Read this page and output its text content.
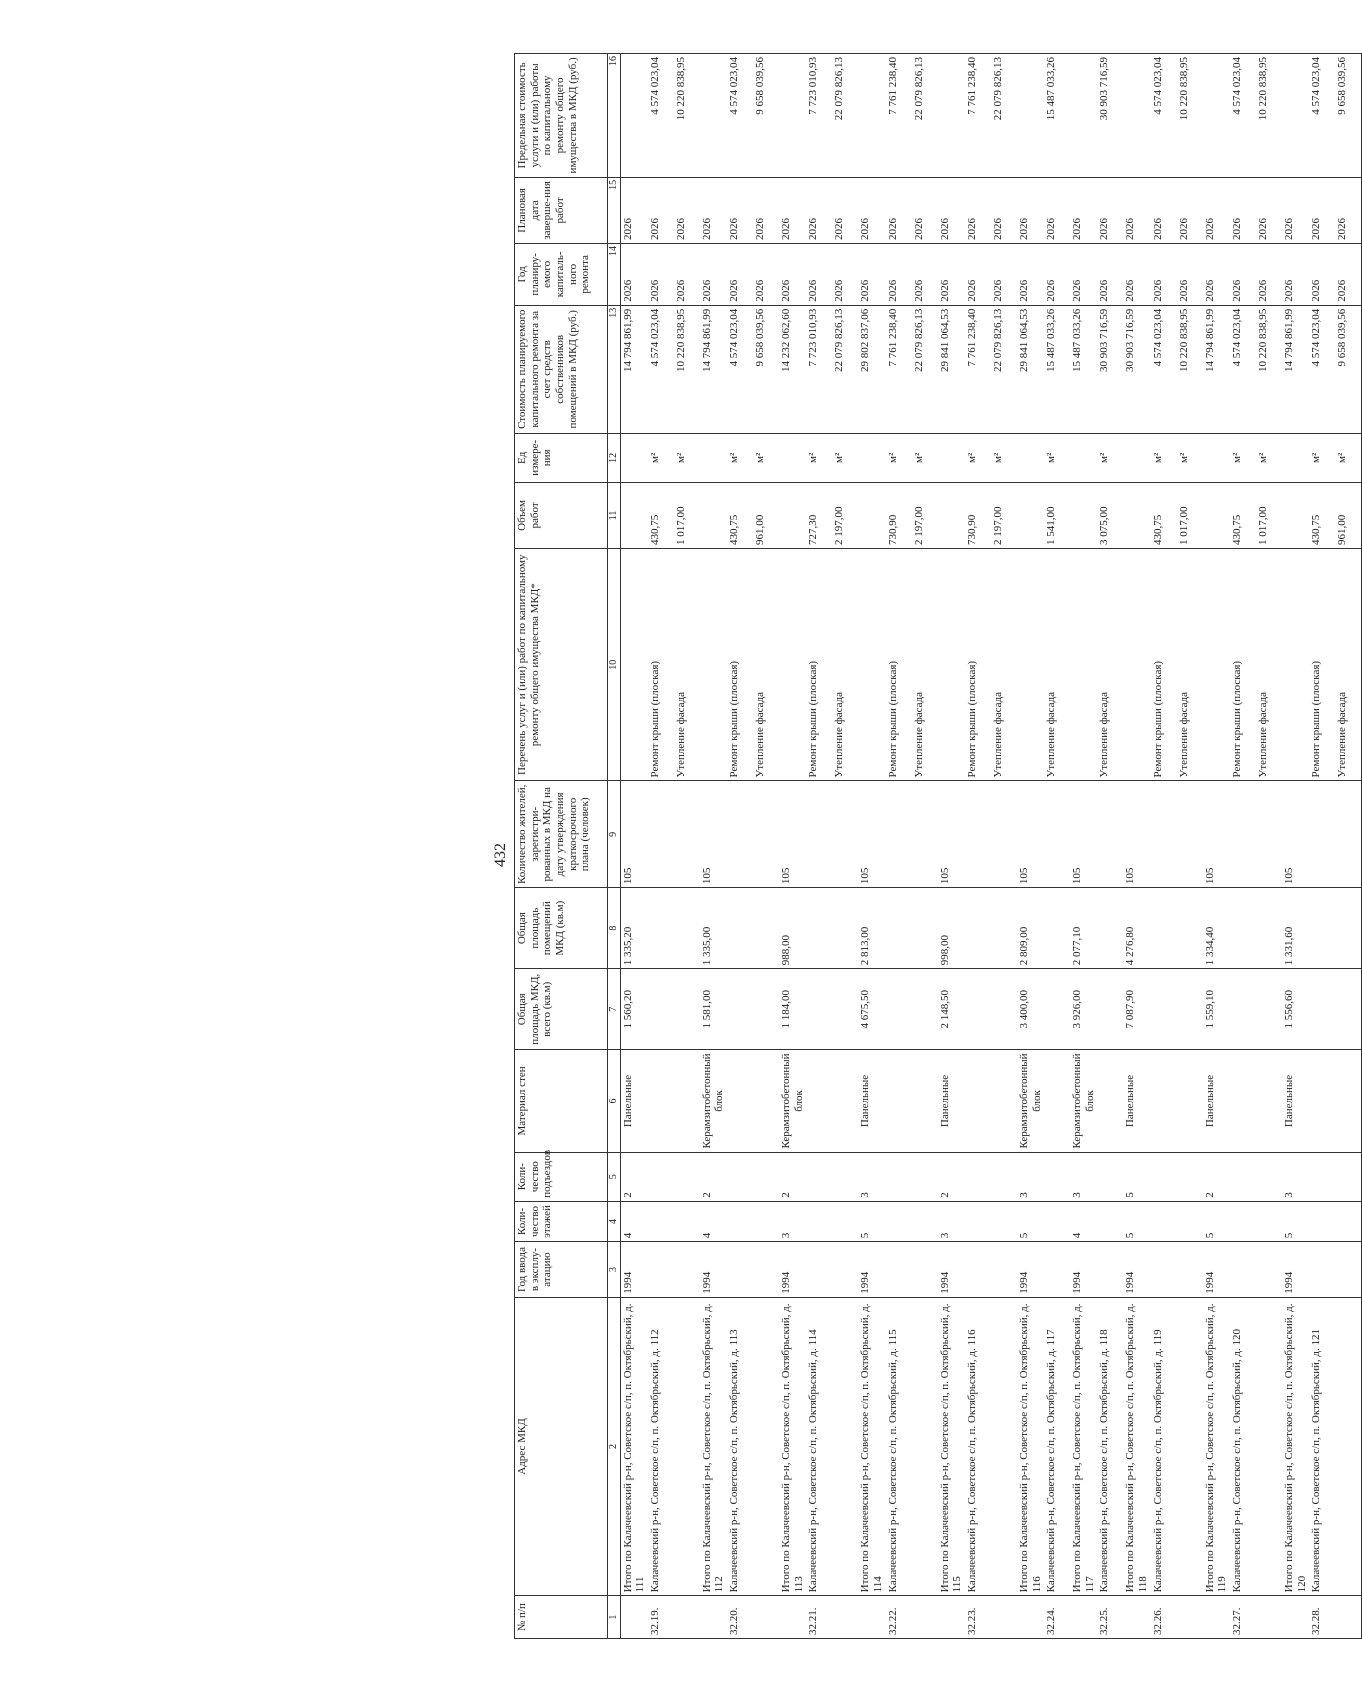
432
№ п/п	Адрес МКД	Год ввода в эксплу-атацию	Коли-чество этажей	Коли-чество подъездов	Материал стен	Общая площадь МКД, всего (кв.м)	Общая площадь помещений МКД (кв.м)	Количество жителей, зарегистри-рованных в МКД на дату утверждения краткосрочного плана (человек)	Перечень услуг и (или) работ по капитальному ремонту общего имущества МКД*	Объем работ	Ед измере-ния	Стоимость планируемого капитального ремонта за счет средств собственников помещений в МКД (руб.)	Год планиру-емого капиталь-ного ремонта	Плановая дата заверше-ния работ	Предельная стоимость услуги и (или) работы по капитальному ремонту общего имущества в МКД (руб.)
1	2	3	4	5	6	7	8	9	10	11	12	13	14	15	16
	Итого по Калачеевский р-н, Советское с/п, п. Октябрьский, д. 111	1994	4	2	Панельные	1 560,20	1 335,20	105				14 794 861,99	2026	2026	
32.19.	Калачеевский р-н, Советское с/п, п. Октябрьский, д. 112								Ремонт крыши (плоская)	430,75	м²	4 574 023,04	2026	2026	4 574 023,04
									Утепление фасада	1 017,00	м²	10 220 838,95	2026	2026	10 220 838,95
	Итого по Калачеевский р-н, Советское с/п, п. Октябрьский, д. 112	1994	4	2	Керамзитобетонный блок	1 581,00	1 335,00	105				14 794 861,99	2026	2026	
32.20.	Калачеевский р-н, Советское с/п, п. Октябрьский, д. 113								Ремонт крыши (плоская)	430,75	м²	4 574 023,04	2026	2026	4 574 023,04
									Утепление фасада	961,00	м²	9 658 039,56	2026	2026	9 658 039,56
	Итого по Калачеевский р-н, Советское с/п, п. Октябрьский, д. 113	1994	3	2	Керамзитобетонный блок	1 184,00	988,00	105				14 232 062,60	2026	2026	
32.21.	Калачеевский р-н, Советское с/п, п. Октябрьский, д. 114								Ремонт крыши (плоская)	727,30	м²	7 723 010,93	2026	2026	7 723 010,93
									Утепление фасада	2 197,00	м²	22 079 826,13	2026	2026	22 079 826,13
	Итого по Калачеевский р-н, Советское с/п, п. Октябрьский, д. 114	1994	5	3	Панельные	4 675,50	2 813,00	105				29 802 837,06	2026	2026	
32.22.	Калачеевский р-н, Советское с/п, п. Октябрьский, д. 115								Ремонт крыши (плоская)	730,90	м²	7 761 238,40	2026	2026	7 761 238,40
									Утепление фасада	2 197,00	м²	22 079 826,13	2026	2026	22 079 826,13
	Итого по Калачеевский р-н, Советское с/п, п. Октябрьский, д. 115	1994	3	2	Панельные	2 148,50	998,00	105				29 841 064,53	2026	2026	
32.23.	Калачеевский р-н, Советское с/п, п. Октябрьский, д. 116								Ремонт крыши (плоская)	730,90	м²	7 761 238,40	2026	2026	7 761 238,40
									Утепление фасада	2 197,00	м²	22 079 826,13	2026	2026	22 079 826,13
	Итого по Калачеевский р-н, Советское с/п, п. Октябрьский, д. 116	1994	5	3	Керамзитобетонный блок	3 400,00	2 809,00	105				29 841 064,53	2026	2026	
32.24.	Калачеевский р-н, Советское с/п, п. Октябрьский, д. 117								Утепление фасада	1 541,00	м²	15 487 033,26	2026	2026	15 487 033,26
	Итого по Калачеевский р-н, Советское с/п, п. Октябрьский, д. 117	1994	4	3	Керамзитобетонный блок	3 926,00	2 077,10	105				15 487 033,26	2026	2026	
32.25.	Калачеевский р-н, Советское с/п, п. Октябрьский, д. 118								Утепление фасада	3 075,00	м²	30 903 716,59	2026	2026	30 903 716,59
	Итого по Калачеевский р-н, Советское с/п, п. Октябрьский, д. 118	1994	5	5	Панельные	7 087,90	4 276,80	105				30 903 716,59	2026	2026	
32.26.	Калачеевский р-н, Советское с/п, п. Октябрьский, д. 119								Ремонт крыши (плоская)	430,75	м²	4 574 023,04	2026	2026	4 574 023,04
									Утепление фасада	1 017,00	м²	10 220 838,95	2026	2026	10 220 838,95
	Итого по Калачеевский р-н, Советское с/п, п. Октябрьский, д. 119	1994	5	2	Панельные	1 559,10	1 334,40	105				14 794 861,99	2026	2026	
32.27.	Калачеевский р-н, Советское с/п, п. Октябрьский, д. 120								Ремонт крыши (плоская)	430,75	м²	4 574 023,04	2026	2026	4 574 023,04
									Утепление фасада	1 017,00	м²	10 220 838,95	2026	2026	10 220 838,95
	Итого по Калачеевский р-н, Советское с/п, п. Октябрьский, д. 120	1994	5	3	Панельные	1 556,60	1 331,60	105				14 794 861,99	2026	2026	
32.28.	Калачеевский р-н, Советское с/п, п. Октябрьский, д. 121								Ремонт крыши (плоская)	430,75	м²	4 574 023,04	2026	2026	4 574 023,04
									Утепление фасада	961,00	м²	9 658 039,56	2026	2026	9 658 039,56
